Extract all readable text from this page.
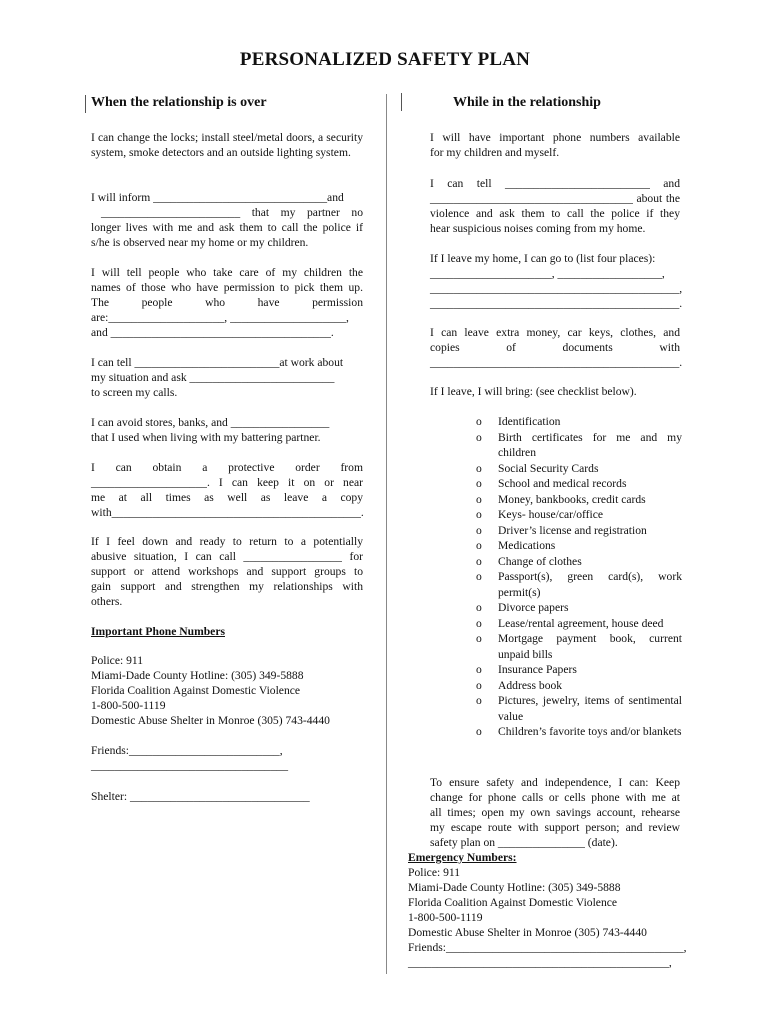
PERSONALIZED SAFETY PLAN
When the relationship is over	While in the relationship
I can change the locks; install steel/metal doors, a security system, smoke detectors and an outside lighting system.
I will inform ______________________________and
________________________ that my partner no
longer lives with me and ask them to call the police if
s/he is observed near my home or my children.
I will tell people who take care of my children the
names of those who have permission to pick them up.
The people who have permission
are:____________________, ____________________,
and ______________________________________.
I can tell _________________________at work about
my situation and ask _________________________
to screen my calls.
I can avoid stores, banks, and _________________
that I used when living with my battering partner.
I can obtain a protective order from
____________________. I can keep it on or near
me at all times as well as leave a copy
with___________________________________________.
If I feel down and ready to return to a potentially
abusive situation, I can call _________________ for
support or attend workshops and support groups to
gain support and strengthen my relationships with
others.
Important Phone Numbers
Police: 911
Miami-Dade County Hotline: (305) 349-5888
Florida Coalition Against Domestic Violence
1-800-500-1119
Domestic Abuse Shelter in Monroe (305) 743-4440
Friends:__________________________,
__________________________________
Shelter: _______________________________
I will have important phone numbers available
for my children and myself.
I can tell _________________________ and
___________________________________ about the
violence and ask them to call the police if they
hear suspicious noises coming from my home.
If I leave my home, I can go to (list four places):
_____________________, __________________,
___________________________________________,
___________________________________________.
I can leave extra money, car keys, clothes, and
copies of documents with
___________________________________________.
If I leave, I will bring: (see checklist below).
o Identification
o Birth certificates for me and my children
o Social Security Cards
o School and medical records
o Money, bankbooks, credit cards
o Keys- house/car/office
o Driver’s license and registration
o Medications
o Change of clothes
o Passport(s), green card(s), work permit(s)
o Divorce papers
o Lease/rental agreement, house deed
o Mortgage payment book, current unpaid bills
o Insurance Papers
o Address book
o Pictures, jewelry, items of sentimental value
o Children’s favorite toys and/or blankets
To ensure safety and independence, I can: Keep
change for phone calls or cells phone with me at
all times; open my own savings account, rehearse
my escape route with support person; and review
safety plan on _______________ (date).
Emergency Numbers:
Police: 911
Miami-Dade County Hotline: (305) 349-5888
Florida Coalition Against Domestic Violence
1-800-500-1119
Domestic Abuse Shelter in Monroe (305) 743-4440
Friends:_________________________________________,
_____________________________________________,
